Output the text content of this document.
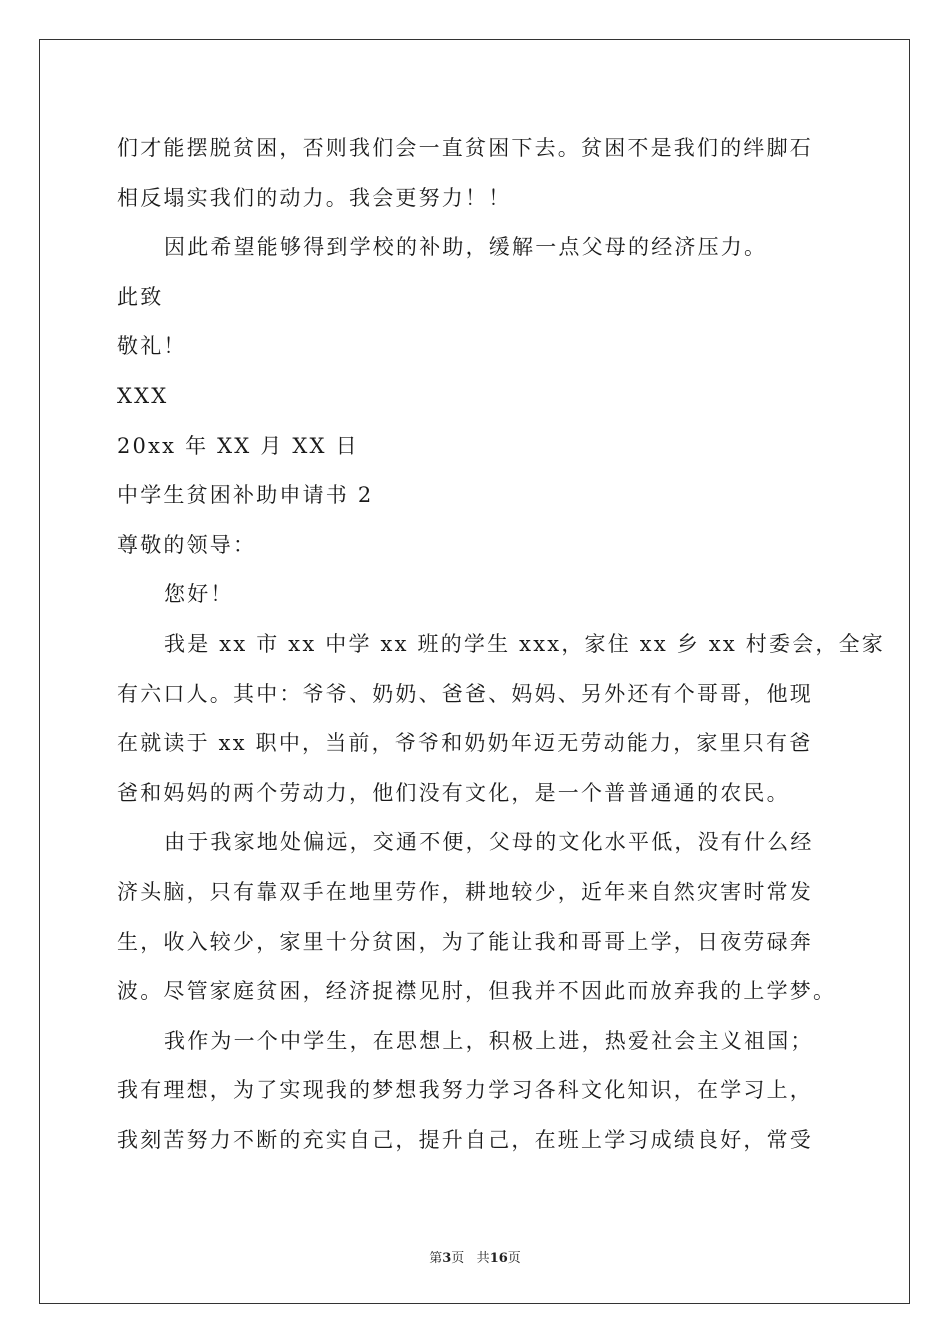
们才能摆脱贫困，否则我们会一直贫困下去。贫困不是我们的绊脚石
相反塌实我们的动力。我会更努力！！
因此希望能够得到学校的补助，缓解一点父母的经济压力。
此致
敬礼！
XXX
20xx 年 XX 月 XX 日
中学生贫困补助申请书 2
尊敬的领导：
您好！
我是 xx 市 xx 中学 xx 班的学生 xxx，家住 xx 乡 xx 村委会，全家
有六口人。其中：爷爷、奶奶、爸爸、妈妈、另外还有个哥哥，他现
在就读于 xx 职中，当前，爷爷和奶奶年迈无劳动能力，家里只有爸
爸和妈妈的两个劳动力，他们没有文化，是一个普普通通的农民。
由于我家地处偏远，交通不便，父母的文化水平低，没有什么经
济头脑，只有靠双手在地里劳作，耕地较少，近年来自然灾害时常发
生，收入较少，家里十分贫困，为了能让我和哥哥上学，日夜劳碌奔
波。尽管家庭贫困，经济捉襟见肘，但我并不因此而放弃我的上学梦。
我作为一个中学生，在思想上，积极上进，热爱社会主义祖国；
我有理想，为了实现我的梦想我努力学习各科文化知识，在学习上，
我刻苦努力不断的充实自己，提升自己，在班上学习成绩良好，常受
第3页 共16页
